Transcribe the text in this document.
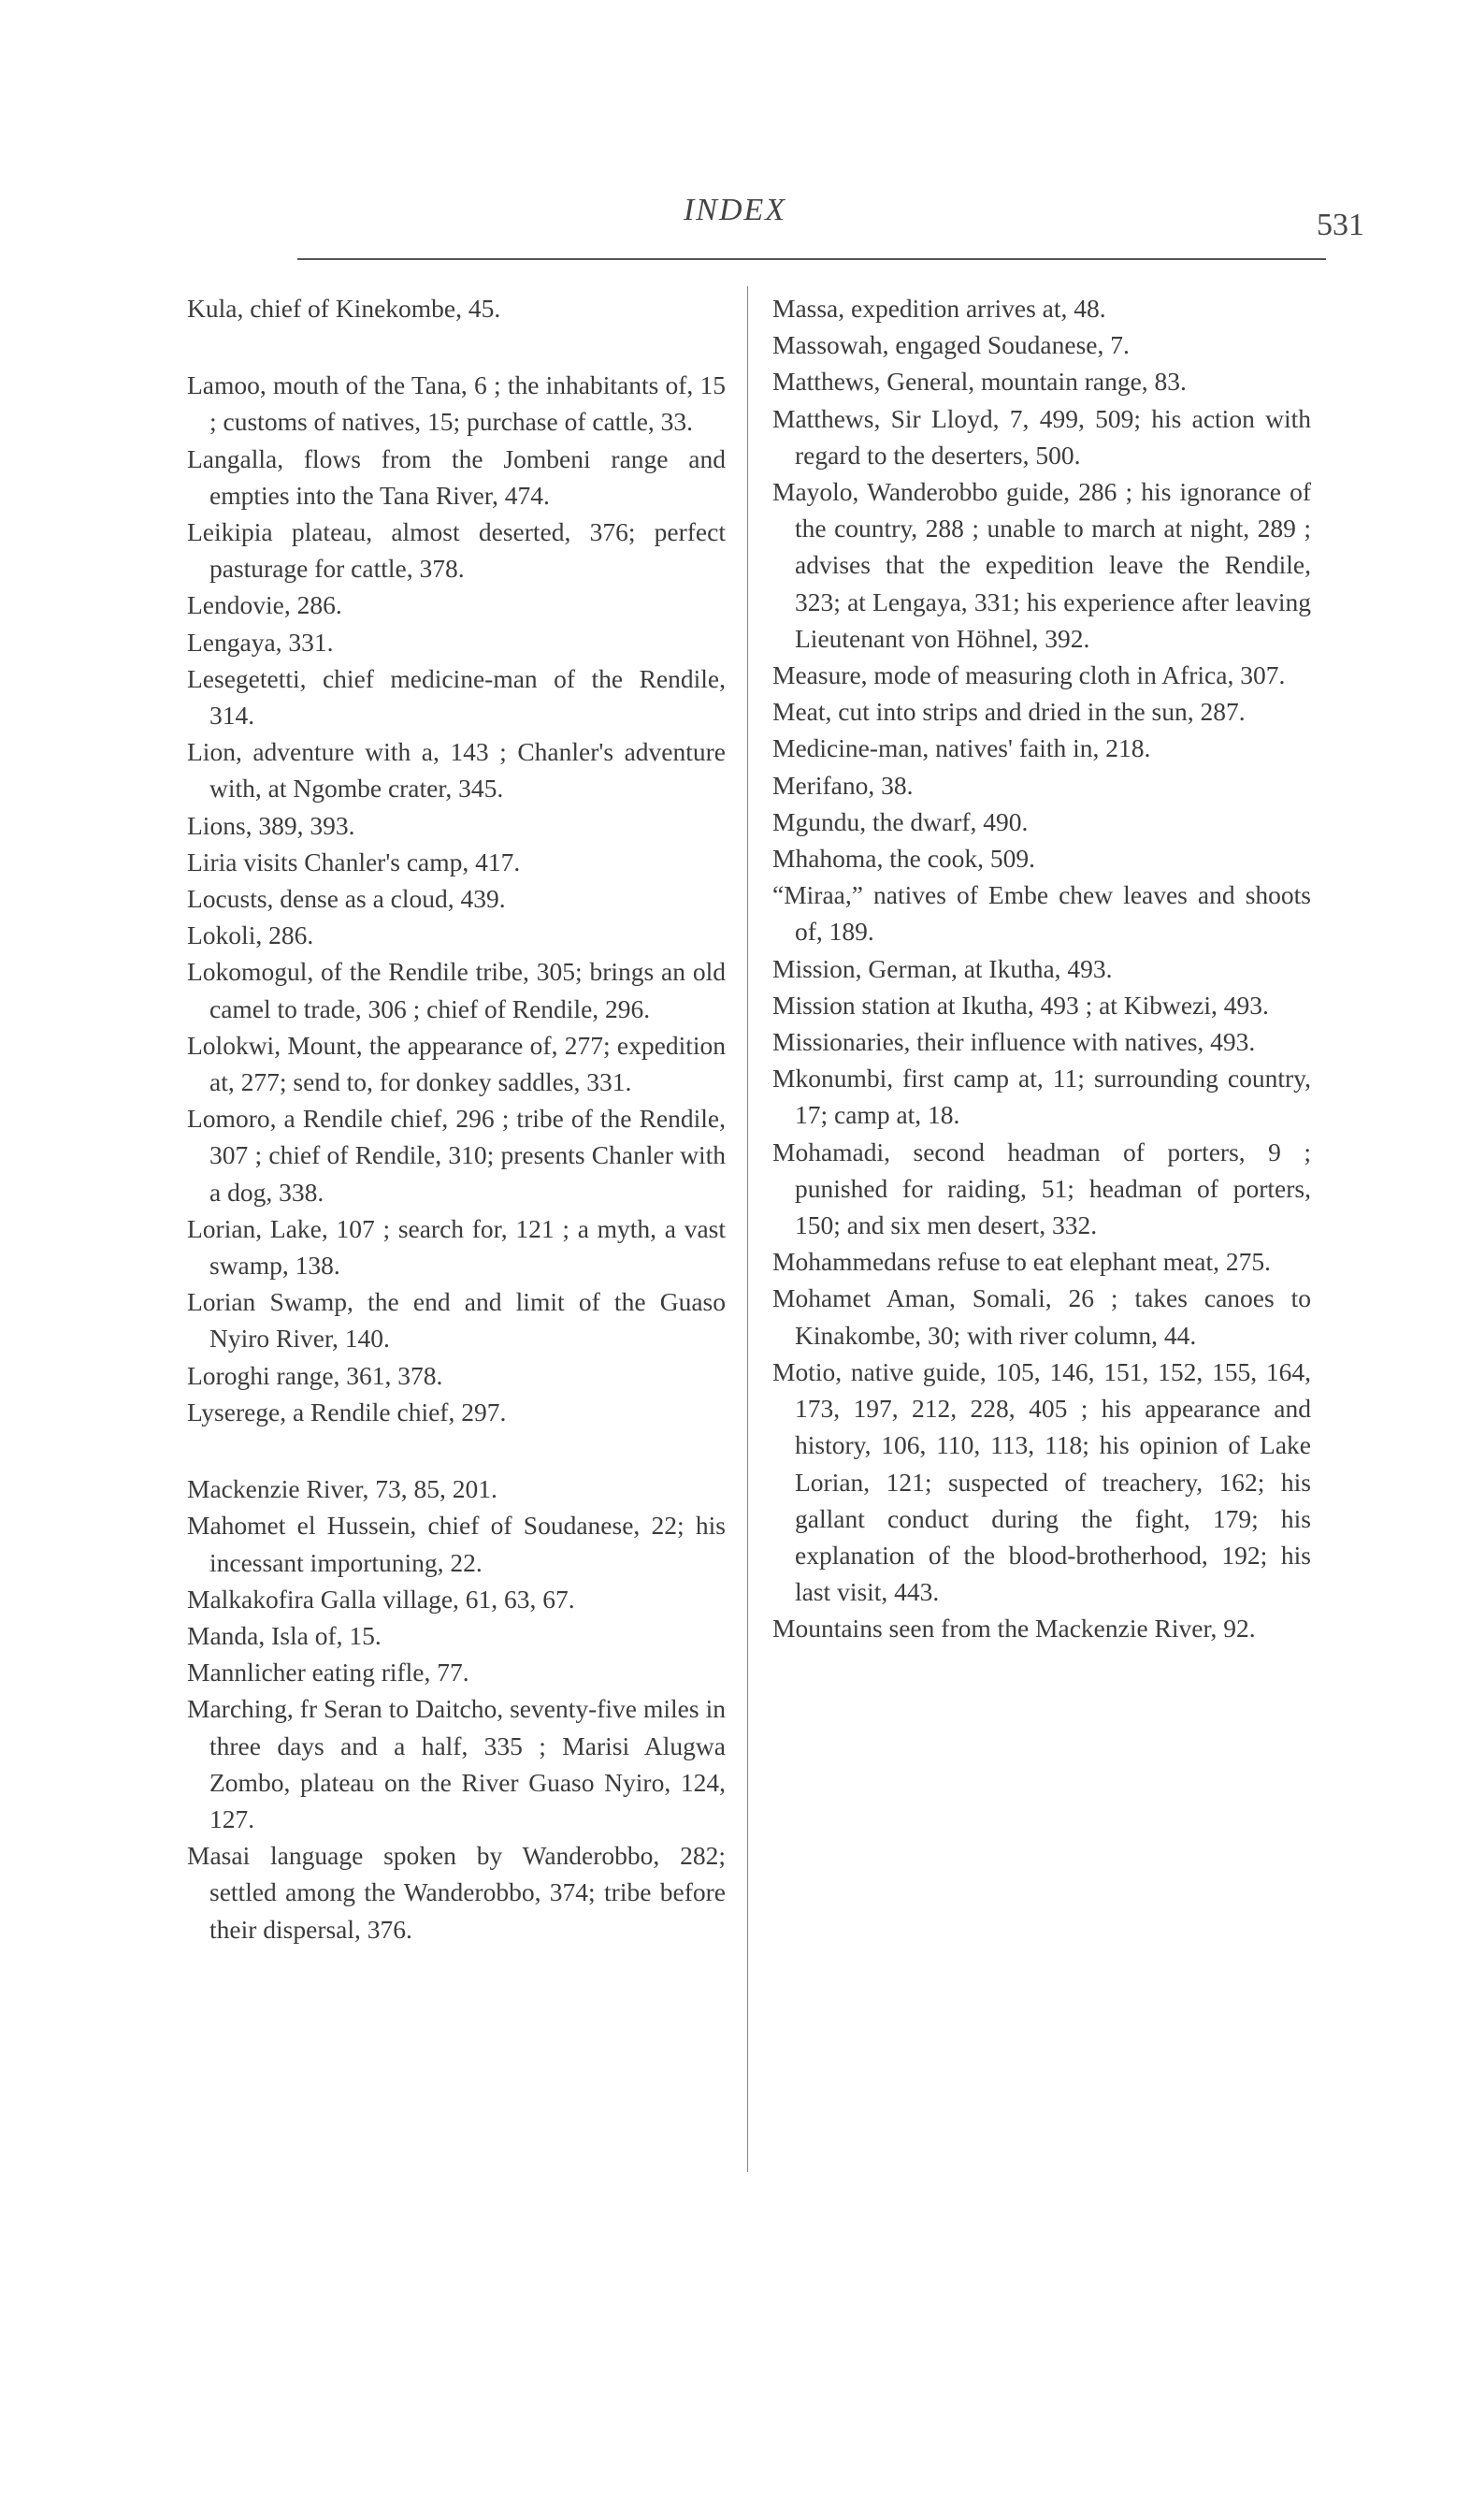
INDEX	531

Kula, chief of Kinekombe, 45.

Lamoo, mouth of the Tana, 6 ; the inhabitants of, 15 ; customs of natives, 15; purchase of cattle, 33.

Langalla, flows from the Jombeni range and empties into the Tana River, 474.

Leikipia plateau, almost deserted, 376; perfect pasturage for cattle, 378.

Lendovie, 286.

Lengaya, 331.

Lesegetetti, chief medicine-man of the Rendile, 314.

Lion, adventure with a, 143 ; Chanler's adventure with, at Ngombe crater, 345.

Lions, 389, 393.

Liria visits Chanler's camp, 417.

Locusts, dense as a cloud, 439.

Lokoli, 286.

Lokomogul, of the Rendile tribe, 305; brings an old camel to trade, 306 ; chief of Rendile, 296.

Lolokwi, Mount, the appearance of, 277; expedition at, 277; send to, for donkey saddles, 331.

Lomoro, a Rendile chief, 296 ; tribe of the Rendile, 307 ; chief of Rendile, 310; presents Chanler with a dog, 338.

Lorian, Lake, 107 ; search for, 121 ; a myth, a vast swamp, 138.

Lorian Swamp, the end and limit of the Guaso Nyiro River, 140.

Loroghi range, 361, 378.

Lyserege, a Rendile chief, 297.

Mackenzie River, 73, 85, 201.

Mahomet el Hussein, chief of Soudanese, 22; his incessant importuning, 22.

Malkakofira Galla village, 61, 63, 67.

Manda, Isla of, 15.

Mannlicher eating rifle, 77.

Marching, fr Seran to Daitcho, seventy-five miles in three days and a half, 335 ; Marisi Alugwa Zombo, plateau on the River Guaso Nyiro, 124, 127.

Masai language spoken by Wanderobbo, 282; settled among the Wanderobbo, 374; tribe before their dispersal, 376.

Massa, expedition arrives at, 48.

Massowah, engaged Soudanese, 7.

Matthews, General, mountain range, 83.

Matthews, Sir Lloyd, 7, 499, 509; his action with regard to the deserters, 500.

Mayolo, Wanderobbo guide, 286 ; his ignorance of the country, 288 ; unable to march at night, 289 ; advises that the expedition leave the Rendile, 323; at Lengaya, 331; his experience after leaving Lieutenant von Höhnel, 392.

Measure, mode of measuring cloth in Africa, 307.

Meat, cut into strips and dried in the sun, 287.

Medicine-man, natives' faith in, 218.

Merifano, 38.

Mgundu, the dwarf, 490.

Mhahoma, the cook, 509.

“Miraa,” natives of Embe chew leaves and shoots of, 189.

Mission, German, at Ikutha, 493.

Mission station at Ikutha, 493 ; at Kibwezi, 493.

Missionaries, their influence with natives, 493.

Mkonumbi, first camp at, 11; surrounding country, 17; camp at, 18.

Mohamadi, second headman of porters, 9 ; punished for raiding, 51; headman of porters, 150; and six men desert, 332.

Mohammedans refuse to eat elephant meat, 275.

Mohamet Aman, Somali, 26 ; takes canoes to Kinakombe, 30; with river column, 44.

Motio, native guide, 105, 146, 151, 152, 155, 164, 173, 197, 212, 228, 405 ; his appearance and history, 106, 110, 113, 118; his opinion of Lake Lorian, 121; suspected of treachery, 162; his gallant conduct during the fight, 179; his explanation of the blood-brotherhood, 192; his last visit, 443.

Mountains seen from the Mackenzie River, 92.
